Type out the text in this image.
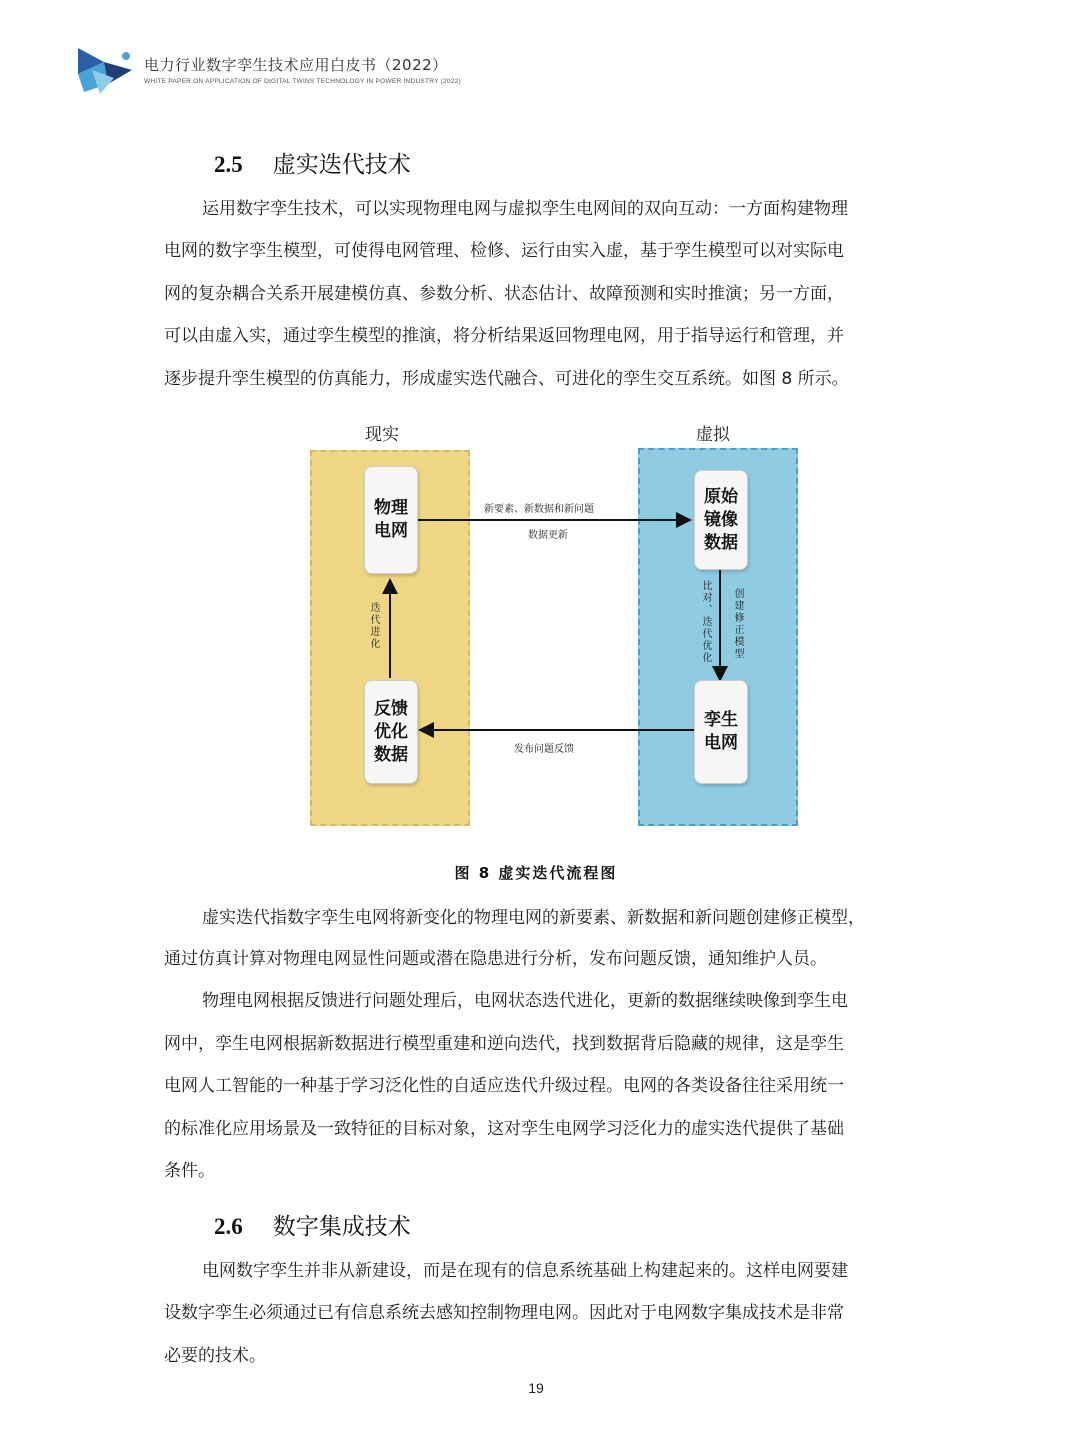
电力行业数字孪生技术应用白皮书（2022）
WHITE PAPER ON APPLICATION OF DIGITAL TWINS TECHNOLOGY IN POWER INDUSTRY (2022)
2.5 虚实迭代技术
运用数字孪生技术，可以实现物理电网与虚拟孪生电网间的双向互动：一方面构建物理
电网的数字孪生模型，可使得电网管理、检修、运行由实入虚，基于孪生模型可以对实际电
网的复杂耦合关系开展建模仿真、参数分析、状态估计、故障预测和实时推演；另一方面，
可以由虚入实，通过孪生模型的推演，将分析结果返回物理电网，用于指导运行和管理，并
逐步提升孪生模型的仿真能力，形成虚实迭代融合、可进化的孪生交互系统。如图 8 所示。
现实	虚拟
物理
电网
反馈
优化
数据
原始
镜像
数据
孪生
电网
新要素、新数据和新问题
数据更新
发布问题反馈
迭代进化	比对、迭代优化 创建修正模型
图 8 虚实迭代流程图
虚实迭代指数字孪生电网将新变化的物理电网的新要素、新数据和新问题创建修正模型，
通过仿真计算对物理电网显性问题或潜在隐患进行分析，发布问题反馈，通知维护人员。
物理电网根据反馈进行问题处理后，电网状态迭代进化，更新的数据继续映像到孪生电
网中，孪生电网根据新数据进行模型重建和逆向迭代，找到数据背后隐藏的规律，这是孪生
电网人工智能的一种基于学习泛化性的自适应迭代升级过程。电网的各类设备往往采用统一
的标准化应用场景及一致特征的目标对象，这对孪生电网学习泛化力的虚实迭代提供了基础
条件。
2.6 数字集成技术
电网数字孪生并非从新建设，而是在现有的信息系统基础上构建起来的。这样电网要建
设数字孪生必须通过已有信息系统去感知控制物理电网。因此对于电网数字集成技术是非常
必要的技术。
19
